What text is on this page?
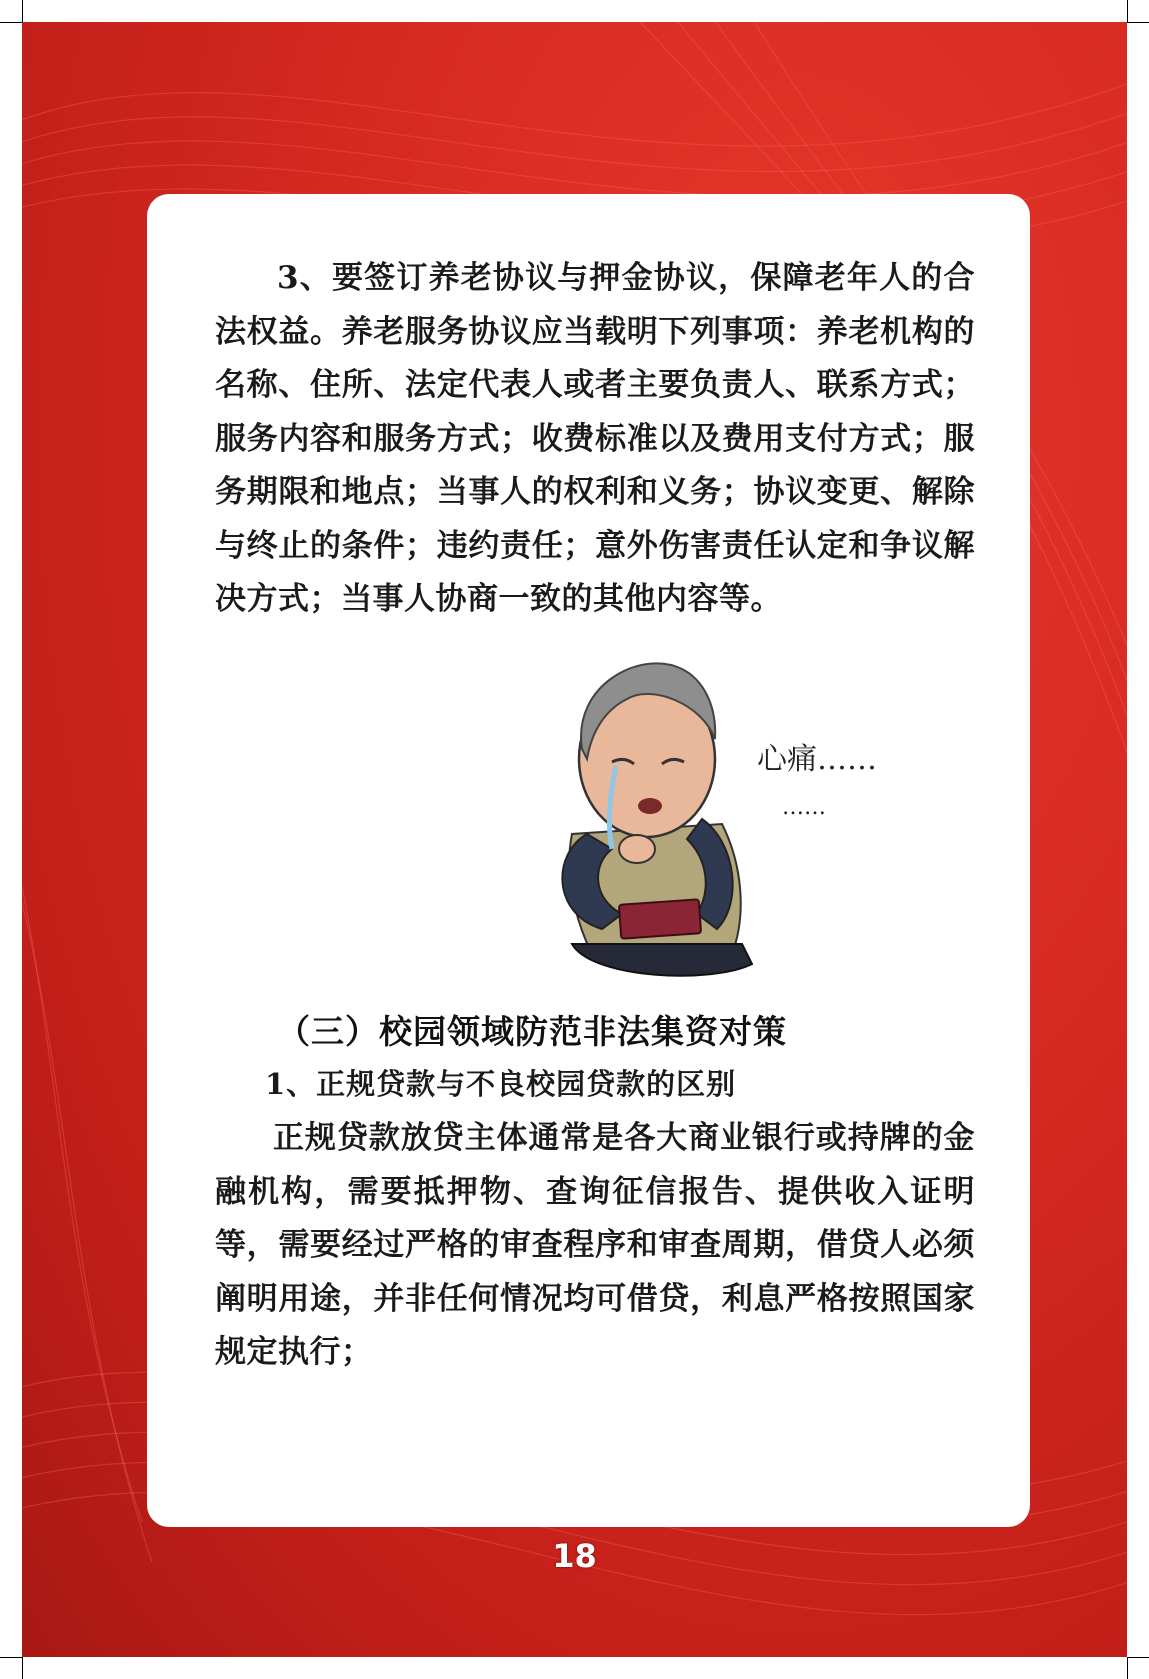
3、要签订养老协议与押金协议，保障老年人的合法权益。养老服务协议应当载明下列事项：养老机构的名称、住所、法定代表人或者主要负责人、联系方式；服务内容和服务方式；收费标准以及费用支付方式；服务期限和地点；当事人的权利和义务；协议变更、解除与终止的条件；违约责任；意外伤害责任认定和争议解决方式；当事人协商一致的其他内容等。
心痛……
……
（三）校园领域防范非法集资对策
1、正规贷款与不良校园贷款的区别
正规贷款放贷主体通常是各大商业银行或持牌的金融机构，需要抵押物、查询征信报告、提供收入证明等，需要经过严格的审查程序和审查周期，借贷人必须阐明用途，并非任何情况均可借贷，利息严格按照国家规定执行；
18
